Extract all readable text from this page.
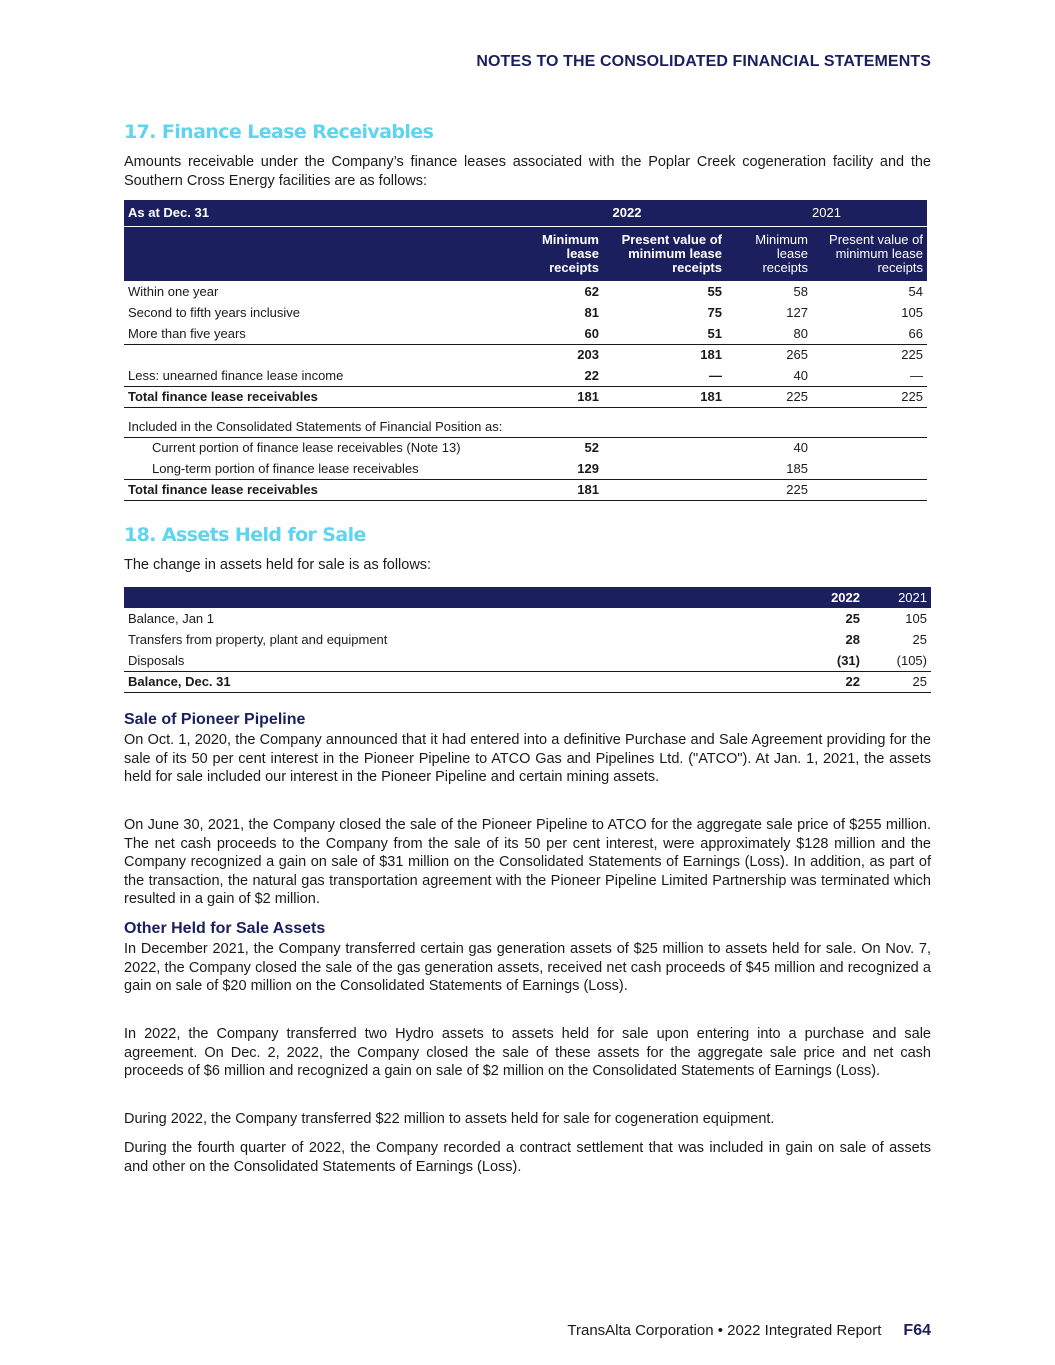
NOTES TO THE CONSOLIDATED FINANCIAL STATEMENTS
17. Finance Lease Receivables

Amounts receivable under the Company’s finance leases associated with the Poplar Creek cogeneration facility and the Southern Cross Energy facilities are as follows:

As at Dec. 31	2022		2021	
	Minimum lease receipts	Present value of minimum lease receipts	Minimum lease receipts	Present value of minimum lease receipts
Within one year	62	55	58	54
Second to fifth years inclusive	81	75	127	105
More than five years	60	51	80	66
	203	181	265	225
Less: unearned finance lease income	22	—	40	—
Total finance lease receivables	181	181	225	225

Included in the Consolidated Statements of Financial Position as:				
Current portion of finance lease receivables (Note 13)	52		40	
Long-term portion of finance lease receivables	129		185	
Total finance lease receivables	181		225	
18. Assets Held for Sale

The change in assets held for sale is as follows:

	2022	2021
Balance, Jan 1	25	105
Transfers from property, plant and equipment	28	25
Disposals	(31)	(105)
Balance, Dec. 31	22	25
Sale of Pioneer Pipeline

On Oct. 1, 2020, the Company announced that it had entered into a definitive Purchase and Sale Agreement providing for the sale of its 50 per cent interest in the Pioneer Pipeline to ATCO Gas and Pipelines Ltd. ("ATCO"). At Jan. 1, 2021, the assets held for sale included our interest in the Pioneer Pipeline and certain mining assets.

On June 30, 2021, the Company closed the sale of the Pioneer Pipeline to ATCO for the aggregate sale price of $255 million. The net cash proceeds to the Company from the sale of its 50 per cent interest, were approximately $128 million and the Company recognized a gain on sale of $31 million on the Consolidated Statements of Earnings (Loss). In addition, as part of the transaction, the natural gas transportation agreement with the Pioneer Pipeline Limited Partnership was terminated which resulted in a gain of $2 million.

Other Held for Sale Assets

In December 2021, the Company transferred certain gas generation assets of $25 million to assets held for sale. On Nov. 7, 2022, the Company closed the sale of the gas generation assets, received net cash proceeds of $45 million and recognized a gain on sale of $20 million on the Consolidated Statements of Earnings (Loss).

In 2022, the Company transferred two Hydro assets to assets held for sale upon entering into a purchase and sale agreement. On Dec. 2, 2022, the Company closed the sale of these assets for the aggregate sale price and net cash proceeds of $6 million and recognized a gain on sale of $2 million on the Consolidated Statements of Earnings (Loss).

During 2022, the Company transferred $22 million to assets held for sale for cogeneration equipment.

During the fourth quarter of 2022, the Company recorded a contract settlement that was included in gain on sale of assets and other on the Consolidated Statements of Earnings (Loss).

TransAlta Corporation • 2022 Integrated Report F64
